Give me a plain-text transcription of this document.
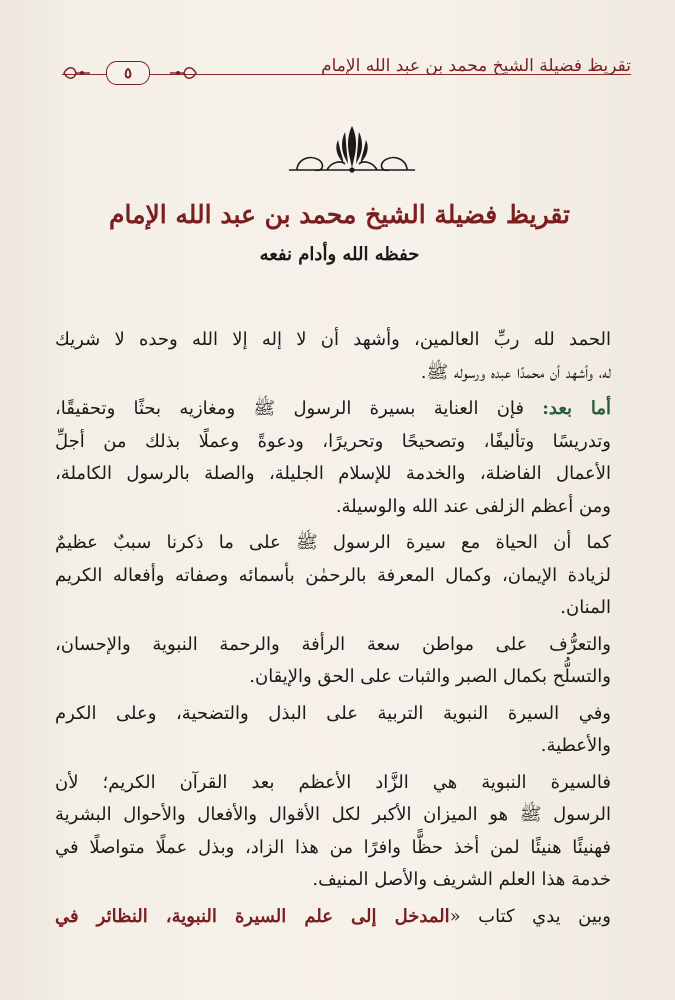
تقريظ فضيلة الشيخ محمد بن عبد الله الإمام
٥
تقريظ فضيلة الشيخ محمد بن عبد الله الإمام
حفظه الله وأدام نفعه

الحمد لله ربِّ العالمين، وأشهد أن لا إله إلا الله وحده لا شريك
له، وأشهد أن محمدًا عبده ورسوله ﷺ.

أما بعد: فإن العناية بسيرة الرسول ﷺ ومغازيه بحثًا وتحقيقًا،
وتدريسًا وتأليفًا، وتصحيحًا وتحريرًا، ودعوةً وعملًا بذلك من أجلِّ
الأعمال الفاضلة، والخدمة للإسلام الجليلة، والصلة بالرسول الكاملة،
ومن أعظم الزلفى عند الله والوسيلة.

كما أن الحياة مع سيرة الرسول ﷺ على ما ذكرنا سببٌ عظيمٌ
لزيادة الإيمان، وكمال المعرفة بالرحمٰن بأسمائه وصفاته وأفعاله الكريم
المنان.

والتعرُّف على مواطن سعة الرأفة والرحمة النبوية والإحسان،
والتسلُّح بكمال الصبر والثبات على الحق والإيقان.

وفي السيرة النبوية التربية على البذل والتضحية، وعلى الكرم
والأعطية.

فالسيرة النبوية هي الزَّاد الأعظم بعد القرآن الكريم؛ لأن
الرسول ﷺ هو الميزان الأكبر لكل الأقوال والأفعال والأحوال البشرية
فهنيئًا هنيئًا لمن أخذ حظًّا وافرًا من هذا الزاد، وبذل عملًا متواصلًا في
خدمة هذا العلم الشريف والأصل المنيف.

وبين يدي كتاب «المدخل إلى علم السيرة النبوية، النظائر في
